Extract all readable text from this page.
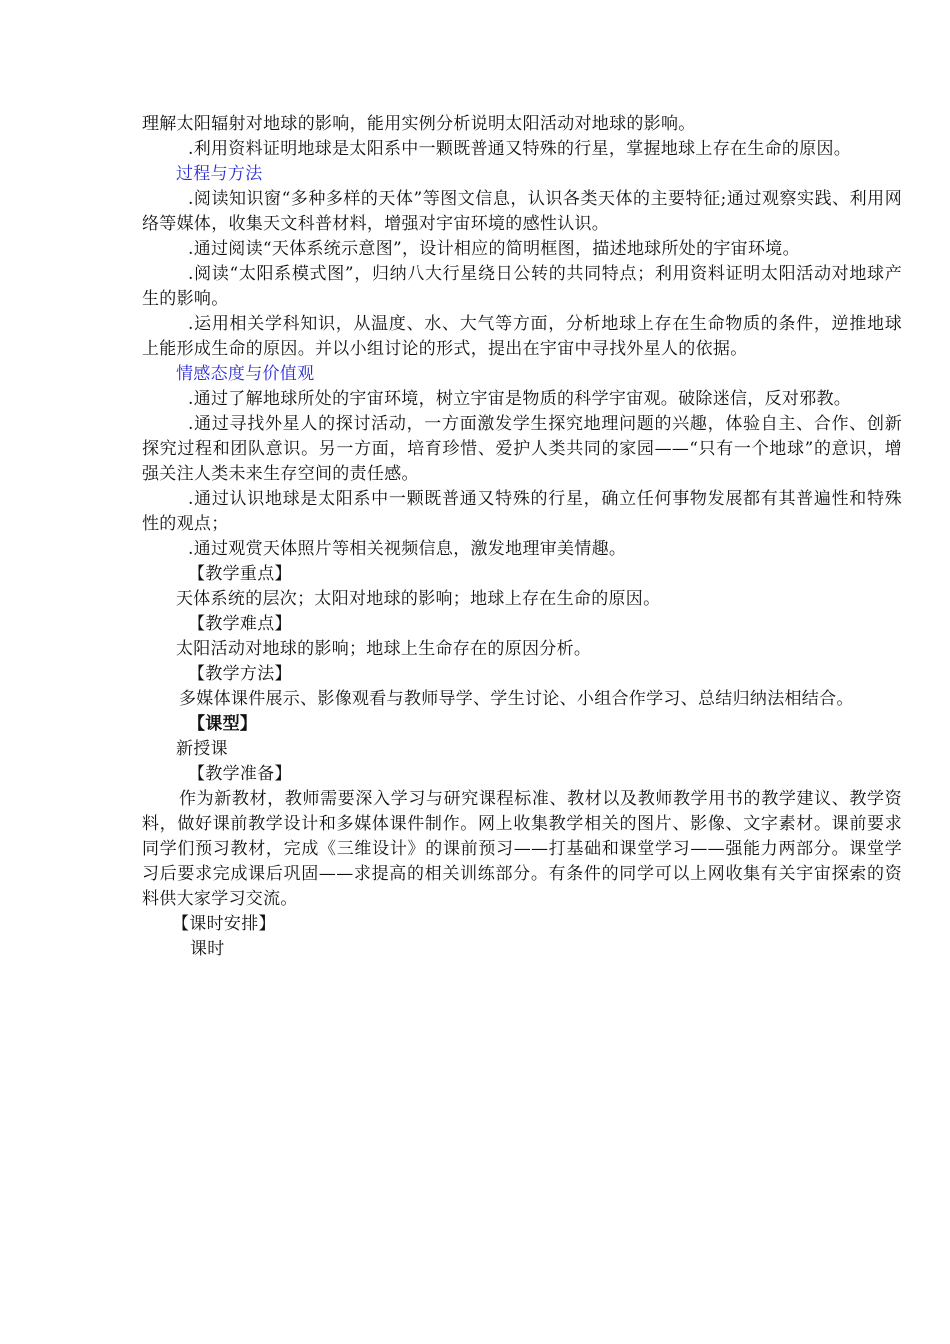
理解太阳辐射对地球的影响，能用实例分析说明太阳活动对地球的影响。

.利用资料证明地球是太阳系中一颗既普通又特殊的行星，掌握地球上存在生命的原因。

过程与方法

.阅读知识窗“多种多样的天体”等图文信息，认识各类天体的主要特征;通过观察实践、利用网络等媒体，收集天文科普材料，增强对宇宙环境的感性认识。

.通过阅读“天体系统示意图”，设计相应的简明框图，描述地球所处的宇宙环境。

.阅读“太阳系模式图”，归纳八大行星绕日公转的共同特点；利用资料证明太阳活动对地球产生的影响。

.运用相关学科知识，从温度、水、大气等方面，分析地球上存在生命物质的条件，逆推地球上能形成生命的原因。并以小组讨论的形式，提出在宇宙中寻找外星人的依据。

情感态度与价值观

.通过了解地球所处的宇宙环境，树立宇宙是物质的科学宇宙观。破除迷信，反对邪教。

.通过寻找外星人的探讨活动，一方面激发学生探究地理问题的兴趣，体验自主、合作、创新探究过程和团队意识。另一方面，培育珍惜、爱护人类共同的家园——“只有一个地球”的意识，增强关注人类未来生存空间的责任感。

.通过认识地球是太阳系中一颗既普通又特殊的行星，确立任何事物发展都有其普遍性和特殊性的观点；

.通过观赏天体照片等相关视频信息，激发地理审美情趣。

【教学重点】

天体系统的层次；太阳对地球的影响；地球上存在生命的原因。

【教学难点】

太阳活动对地球的影响；地球上生命存在的原因分析。

【教学方法】

多媒体课件展示、影像观看与教师导学、学生讨论、小组合作学习、总结归纳法相结合。

【课型】

新授课

【教学准备】

作为新教材，教师需要深入学习与研究课程标准、教材以及教师教学用书的教学建议、教学资料，做好课前教学设计和多媒体课件制作。网上收集教学相关的图片、影像、文字素材。课前要求同学们预习教材，完成《三维设计》的课前预习——打基础和课堂学习——强能力两部分。课堂学习后要求完成课后巩固——求提高的相关训练部分。有条件的同学可以上网收集有关宇宙探索的资料供大家学习交流。

【课时安排】

课时
